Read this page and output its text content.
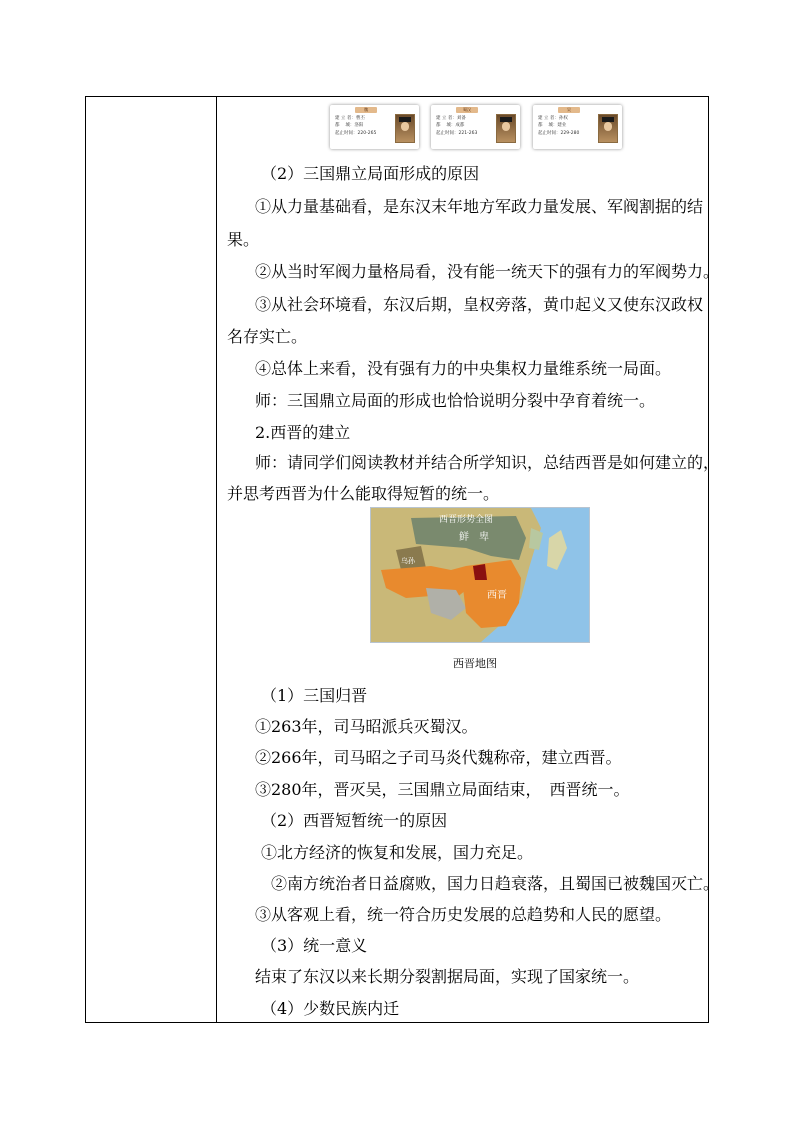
魏
建 立 者：曹丕
都　 城：洛阳
起止时间：220-265
蜀汉
建 立 者：刘备
都　 城：成都
起止时间：221-263
吴
建 立 者：孙权
都　 城：建业
起止时间：229-280
（2）三国鼎立局面形成的原因
①从力量基础看，是东汉末年地方军政力量发展、军阀割据的结
果。
②从当时军阀力量格局看，没有能一统天下的强有力的军阀势力。
③从社会环境看，东汉后期，皇权旁落，黄巾起义又使东汉政权
名存实亡。
④总体上来看，没有强有力的中央集权力量维系统一局面。
师：三国鼎立局面的形成也恰恰说明分裂中孕育着统一。
2.西晋的建立
师：请同学们阅读教材并结合所学知识，总结西晋是如何建立的，
并思考西晋为什么能取得短暂的统一。
西晋形势全图
鲜　卑
乌孙
西晋
西晋地图
（1）三国归晋
①263年，司马昭派兵灭蜀汉。
②266年，司马昭之子司马炎代魏称帝，建立西晋。
③280年，晋灭吴，三国鼎立局面结束，　西晋统一。
（2）西晋短暂统一的原因
①北方经济的恢复和发展，国力充足。
②南方统治者日益腐败，国力日趋衰落，且蜀国已被魏国灭亡。
③从客观上看，统一符合历史发展的总趋势和人民的愿望。
（3）统一意义
结束了东汉以来长期分裂割据局面，实现了国家统一。
（4）少数民族内迁
